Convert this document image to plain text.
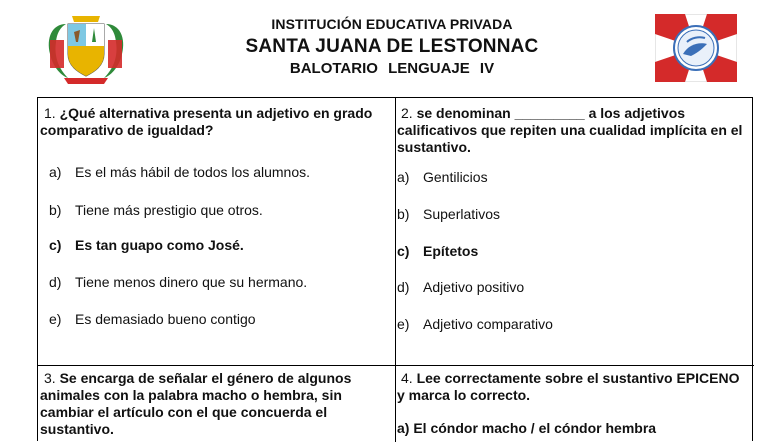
INSTITUCIÓN EDUCATIVA PRIVADA
SANTA JUANA DE LESTONNAC
BALOTARIO LENGUAJE IV
1. ¿Qué alternativa presenta un adjetivo en grado comparativo de igualdad?
a) Es el más hábil de todos los alumnos.
b) Tiene más prestigio que otros.
c) Es tan guapo como José.
d) Tiene menos dinero que su hermano.
e) Es demasiado bueno contigo
2. se denominan _________ a los adjetivos calificativos que repiten una cualidad implícita en el sustantivo.
a) Gentilicios
b) Superlativos
c) Epítetos
d) Adjetivo positivo
e) Adjetivo comparativo
3. Se encarga de señalar el género de algunos animales con la palabra macho o hembra, sin cambiar el artículo con el que concuerda el sustantivo.
4. Lee correctamente sobre el sustantivo EPICENO y marca lo correcto.
a) El cóndor macho / el cóndor hembra
